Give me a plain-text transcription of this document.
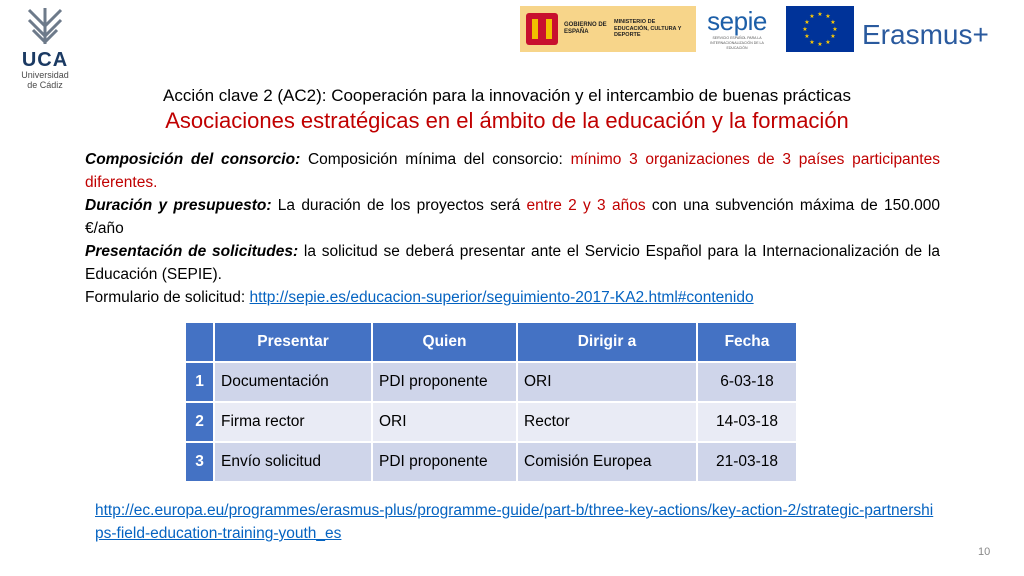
UCA
Universidad
de Cádiz
GOBIERNO DE ESPAÑA
MINISTERIO DE EDUCACIÓN, CULTURA Y DEPORTE	sepie
SERVICIO ESPAÑOL PARA LA INTERNACIONALIZACIÓN DE LA EDUCACIÓN
★ ★
★
★
★
★
★
★
★
★
★
★
Erasmus+
Acción clave 2 (AC2): Cooperación para la innovación y el intercambio de buenas prácticas
Asociaciones estratégicas en el ámbito de la educación y la formación
Composición del consorcio: Composición mínima del consorcio: mínimo 3 organizaciones de 3 países participantes diferentes.
Duración y presupuesto: La duración de los proyectos será entre 2 y 3 años con una subvención máxima de 150.000 €/año
Presentación de solicitudes: la solicitud se deberá presentar ante el Servicio Español para la Internacionalización de la Educación (SEPIE).
Formulario de solicitud: http://sepie.es/educacion-superior/seguimiento-2017-KA2.html#contenido
	Presentar	Quien	Dirigir a	Fecha
1	Documentación	PDI proponente	ORI	6-03-18
2	Firma rector	ORI	Rector	14-03-18
3	Envío solicitud	PDI proponente	Comisión Europea	21-03-18
http://ec.europa.eu/programmes/erasmus-plus/programme-guide/part-b/three-key-actions/key-action-2/strategic-partnerships-field-education-training-youth_es
10
